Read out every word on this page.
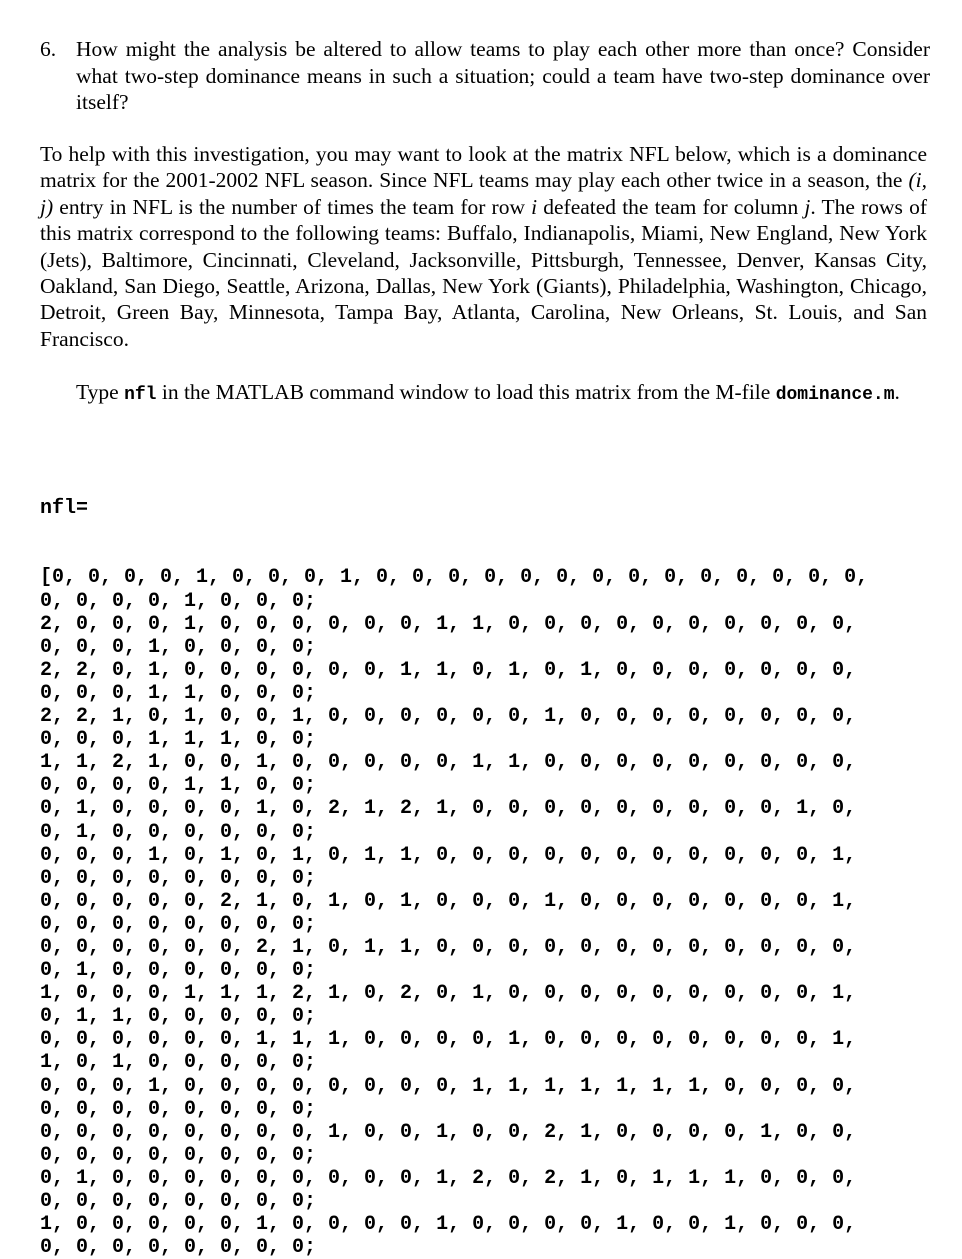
6. How might the analysis be altered to allow teams to play each other more than once? Consider what two-step dominance means in such a situation; could a team have two-step dominance over itself?
To help with this investigation, you may want to look at the matrix NFL below, which is a dominance matrix for the 2001-2002 NFL season. Since NFL teams may play each other twice in a season, the (i, j) entry in NFL is the number of times the team for row i defeated the team for column j. The rows of this matrix correspond to the following teams: Buffalo, Indianapolis, Miami, New England, New York (Jets), Baltimore, Cincinnati, Cleveland, Jacksonville, Pittsburgh, Tennessee, Denver, Kansas City, Oakland, San Diego, Seattle, Arizona, Dallas, New York (Giants), Philadelphia, Washington, Chicago, Detroit, Green Bay, Minnesota, Tampa Bay, Atlanta, Carolina, New Orleans, St. Louis, and San Francisco.
Type nfl in the MATLAB command window to load this matrix from the M-file dominance.m.

nfl=

[0, 0, 0, 0, 1, 0, 0, 0, 1, 0, 0, 0, 0, 0, 0, 0, 0, 0, 0, 0, 0, 0, 0,
0, 0, 0, 0, 1, 0, 0, 0;
2, 0, 0, 0, 1, 0, 0, 0, 0, 0, 0, 1, 1, 0, 0, 0, 0, 0, 0, 0, 0, 0, 0,
0, 0, 0, 1, 0, 0, 0, 0;
2, 2, 0, 1, 0, 0, 0, 0, 0, 0, 1, 1, 0, 1, 0, 1, 0, 0, 0, 0, 0, 0, 0,
0, 0, 0, 1, 1, 0, 0, 0;
2, 2, 1, 0, 1, 0, 0, 1, 0, 0, 0, 0, 0, 0, 1, 0, 0, 0, 0, 0, 0, 0, 0,
0, 0, 0, 1, 1, 1, 0, 0;
1, 1, 2, 1, 0, 0, 1, 0, 0, 0, 0, 0, 1, 1, 0, 0, 0, 0, 0, 0, 0, 0, 0,
0, 0, 0, 0, 1, 1, 0, 0;
0, 1, 0, 0, 0, 0, 1, 0, 2, 1, 2, 1, 0, 0, 0, 0, 0, 0, 0, 0, 0, 1, 0,
0, 1, 0, 0, 0, 0, 0, 0;
0, 0, 0, 1, 0, 1, 0, 1, 0, 1, 1, 0, 0, 0, 0, 0, 0, 0, 0, 0, 0, 0, 1,
0, 0, 0, 0, 0, 0, 0, 0;
0, 0, 0, 0, 0, 2, 1, 0, 1, 0, 1, 0, 0, 0, 1, 0, 0, 0, 0, 0, 0, 0, 1,
0, 0, 0, 0, 0, 0, 0, 0;
0, 0, 0, 0, 0, 0, 2, 1, 0, 1, 1, 0, 0, 0, 0, 0, 0, 0, 0, 0, 0, 0, 0,
0, 1, 0, 0, 0, 0, 0, 0;
1, 0, 0, 0, 1, 1, 1, 2, 1, 0, 2, 0, 1, 0, 0, 0, 0, 0, 0, 0, 0, 0, 1,
0, 1, 1, 0, 0, 0, 0, 0;
0, 0, 0, 0, 0, 0, 1, 1, 1, 0, 0, 0, 0, 1, 0, 0, 0, 0, 0, 0, 0, 0, 1,
1, 0, 1, 0, 0, 0, 0, 0;
0, 0, 0, 1, 0, 0, 0, 0, 0, 0, 0, 0, 1, 1, 1, 1, 1, 1, 1, 0, 0, 0, 0,
0, 0, 0, 0, 0, 0, 0, 0;
0, 0, 0, 0, 0, 0, 0, 0, 1, 0, 0, 1, 0, 0, 2, 1, 0, 0, 0, 0, 1, 0, 0,
0, 0, 0, 0, 0, 0, 0, 0;
0, 1, 0, 0, 0, 0, 0, 0, 0, 0, 0, 1, 2, 0, 2, 1, 0, 1, 1, 1, 0, 0, 0,
0, 0, 0, 0, 0, 0, 0, 0;
1, 0, 0, 0, 0, 0, 1, 0, 0, 0, 0, 1, 0, 0, 0, 0, 1, 0, 0, 1, 0, 0, 0,
0, 0, 0, 0, 0, 0, 0, 0;
